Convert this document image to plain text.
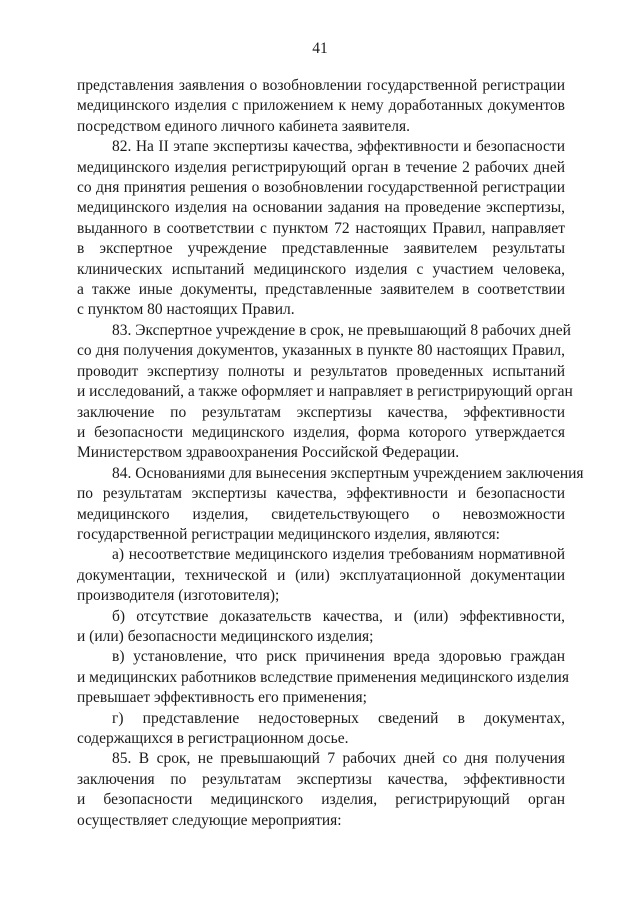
41
представления заявления о возобновлении государственной регистрации
медицинского изделия с приложением к нему доработанных документов
посредством единого личного кабинета заявителя.
82. На II этапе экспертизы качества, эффективности и безопасности
медицинского изделия регистрирующий орган в течение 2 рабочих дней
со дня принятия решения о возобновлении государственной регистрации
медицинского изделия на основании задания на проведение экспертизы,
выданного в соответствии с пунктом 72 настоящих Правил, направляет
в экспертное учреждение представленные заявителем результаты
клинических испытаний медицинского изделия с участием человека,
а также иные документы, представленные заявителем в соответствии
с пунктом 80 настоящих Правил.
83. Экспертное учреждение в срок, не превышающий 8 рабочих дней
со дня получения документов, указанных в пункте 80 настоящих Правил,
проводит экспертизу полноты и результатов проведенных испытаний
и исследований, а также оформляет и направляет в регистрирующий орган
заключение по результатам экспертизы качества, эффективности
и безопасности медицинского изделия, форма которого утверждается
Министерством здравоохранения Российской Федерации.
84. Основаниями для вынесения экспертным учреждением заключения
по результатам экспертизы качества, эффективности и безопасности
медицинского изделия, свидетельствующего о невозможности
государственной регистрации медицинского изделия, являются:
а) несоответствие медицинского изделия требованиям нормативной
документации, технической и (или) эксплуатационной документации
производителя (изготовителя);
б) отсутствие доказательств качества, и (или) эффективности,
и (или) безопасности медицинского изделия;
в) установление, что риск причинения вреда здоровью граждан
и медицинских работников вследствие применения медицинского изделия
превышает эффективность его применения;
г) представление недостоверных сведений в документах,
содержащихся в регистрационном досье.
85. В срок, не превышающий 7 рабочих дней со дня получения
заключения по результатам экспертизы качества, эффективности
и безопасности медицинского изделия, регистрирующий орган
осуществляет следующие мероприятия:
